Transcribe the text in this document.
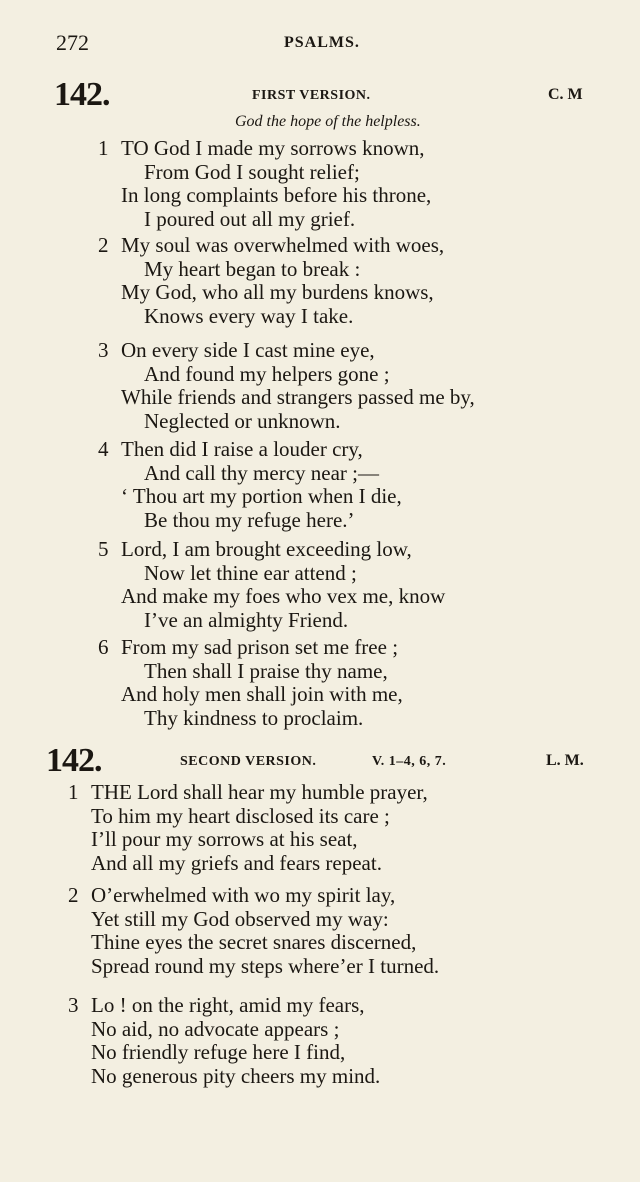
272	PSALMS.
142.	FIRST VERSION.	C. M
God the hope of the helpless.
1 TO God I made my sorrows known,
From God I sought relief;
In long complaints before his throne,
I poured out all my grief.
2 My soul was overwhelmed with woes,
My heart began to break :
My God, who all my burdens knows,
Knows every way I take.
3 On every side I cast mine eye,
And found my helpers gone ;
While friends and strangers passed me by,
Neglected or unknown.
4 Then did I raise a louder cry,
And call thy mercy near ;—
‘ Thou art my portion when I die,
Be thou my refuge here.’
5 Lord, I am brought exceeding low,
Now let thine ear attend ;
And make my foes who vex me, know
I’ve an almighty Friend.
6 From my sad prison set me free ;
Then shall I praise thy name,
And holy men shall join with me,
Thy kindness to proclaim.
142.	SECOND VERSION.	V. 1–4, 6, 7.	L. M.
1 THE Lord shall hear my humble prayer,
To him my heart disclosed its care ;
I’ll pour my sorrows at his seat,
And all my griefs and fears repeat.
2 O’erwhelmed with wo my spirit lay,
Yet still my God observed my way:
Thine eyes the secret snares discerned,
Spread round my steps where’er I turned.
3 Lo ! on the right, amid my fears,
No aid, no advocate appears ;
No friendly refuge here I find,
No generous pity cheers my mind.
